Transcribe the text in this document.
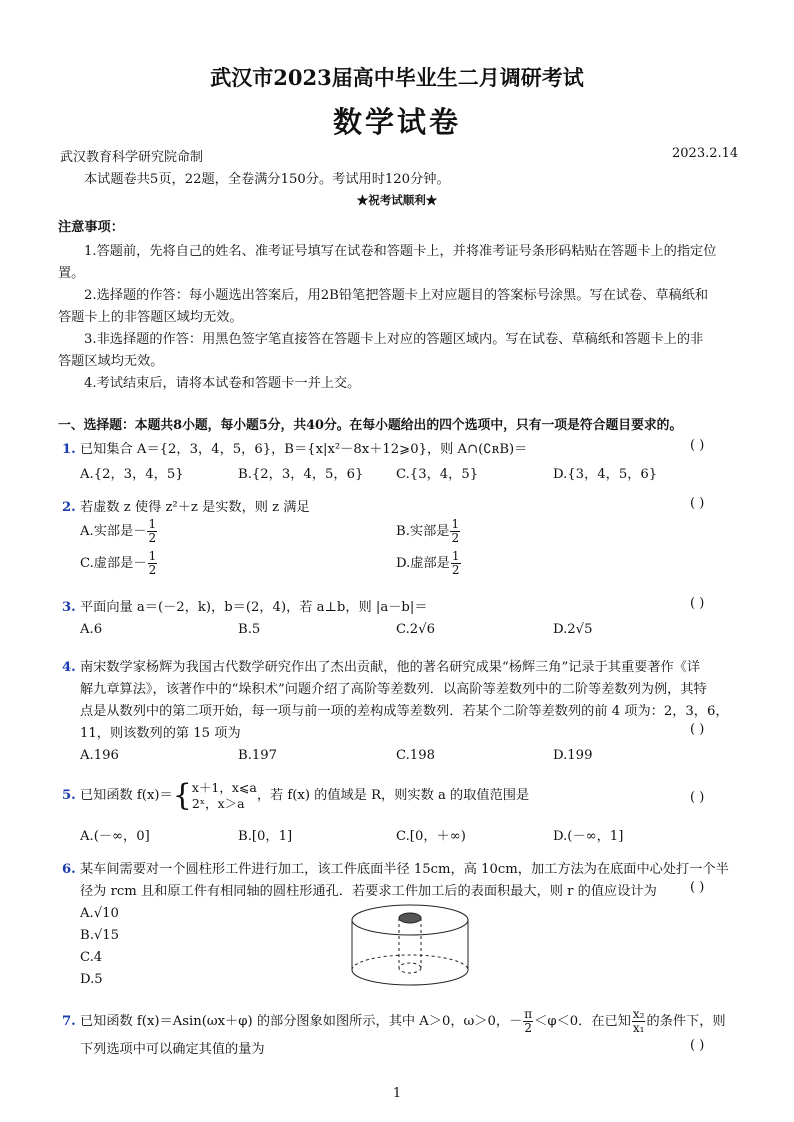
武汉市2023届高中毕业生二月调研考试
数学试卷
武汉教育科学研究院命制	2023.2.14
本试题卷共5页，22题，全卷满分150分。考试用时120分钟。
★祝考试顺利★
注意事项：
1.答题前，先将自己的姓名、准考证号填写在试卷和答题卡上，并将准考证号条形码粘贴在答题卡上的指定位
置。
2.选择题的作答：每小题选出答案后，用2B铅笔把答题卡上对应题目的答案标号涂黑。写在试卷、草稿纸和
答题卡上的非答题区域均无效。
3.非选择题的作答：用黑色签字笔直接答在答题卡上对应的答题区域内。写在试卷、草稿纸和答题卡上的非
答题区域均无效。
4.考试结束后，请将本试卷和答题卡一并上交。
一、选择题：本题共8小题，每小题5分，共40分。在每小题给出的四个选项中，只有一项是符合题目要求的。
1. 已知集合 A＝{2，3，4，5，6}，B＝{x|x²－8x＋12⩾0}，则 A∩(∁ʀB)＝	( )
A.{2，3，4，5}	B.{2，3，4，5，6} C.{3，4，5}	D.{3，4，5，6}
2. 若虚数 z 使得 z²＋z 是实数，则 z 满足	( )
A.实部是－ $\frac{1}{2}$	B.实部是 $\frac{1}{2}$
C.虚部是－ $\frac{1}{2}$	D.虚部是 $\frac{1}{2}$
3. 平面向量 a＝(－2，k)，b＝(2，4)，若 a⊥b，则 |a－b|＝	( )
A.6	B.5	C.2√6	D.2√5
4. 南宋数学家杨辉为我国古代数学研究作出了杰出贡献，他的著名研究成果“杨辉三角”记录于其重要著作《详
解九章算法》，该著作中的“垛积术”问题介绍了高阶等差数列．以高阶等差数列中的二阶等差数列为例，其特
点是从数列中的第二项开始，每一项与前一项的差构成等差数列．若某个二阶等差数列的前 4 项为：2，3，6，
11，则该数列的第 15 项为	( )
A.196	B.197	C.198	D.199
5. 已知函数 f(x)＝{ x＋1，x⩽a
2ˣ，x＞a ，若 f(x) 的值域是 R，则实数 a 的取值范围是	( )
A.(－∞，0]	B.[0，1]	C.[0，＋∞)	D.(－∞，1]
6. 某车间需要对一个圆柱形工件进行加工，该工件底面半径 15cm，高 10cm，加工方法为在底面中心处打一个半
径为 rcm 且和原工件有相同轴的圆柱形通孔．若要求工件加工后的表面积最大，则 r 的值应设计为	( )
A.√10
B.√15
C.4
D.5
7. 已知函数 f(x)＝Asin(ωx＋φ) 的部分图象如图所示，其中 A＞0，ω＞0，－ $\frac{\pi}{2} <\varphi<0$．在已知 $\frac{\text{x₂}}{\text{x₁}}$ 的条件下，则
下列选项中可以确定其值的量为	( )
1
